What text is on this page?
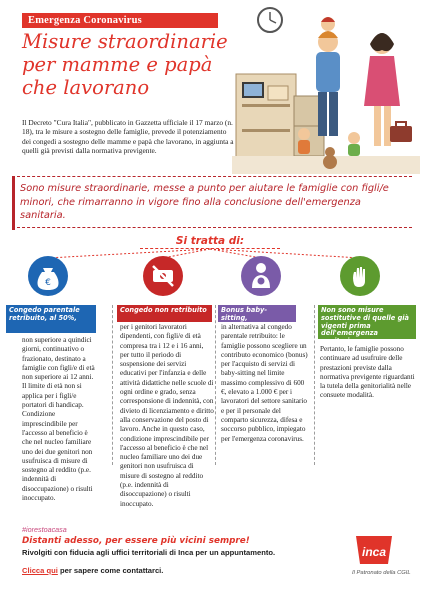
Emergenza Coronavirus
Misure straordinarie
per mamme e papà
che lavorano
Il Decreto "Cura Italia", pubblicato in Gazzetta ufficiale il 17 marzo (n. 18), tra le misure a sostegno delle famiglie, prevede il potenziamento dei congedi a sostegno delle mamme e papà che lavorano, in aggiunta a quelli già previsti dalla normativa previgente.
Sono misure straordinarie, messe a punto per aiutare le famiglie con figli/e minori, che rimarranno in vigore fino alla conclusione dell'emergenza sanitaria.
Si tratta di:
€
Congedo parentale retribuito, al 50%,
Congedo non retribuito	Bonus baby-sitting,
Non sono misure sostitutive di quelle già vigenti prima dell'emergenza sanitaria.
non superiore a quindici giorni, continuativo o frazionato, destinato a famiglie con figli/e di età non superiore ai 12 anni. Il limite di età non si applica per i figli/e portatori di handicap. Condizione imprescindibile per l'accesso al beneficio è che nel nucleo familiare uno dei due genitori non usufruisca di misure di sostegno al reddito (p.e. indennità di disoccupazione) o risulti inoccupato.
per i genitori lavoratori dipendenti, con figli/e di età compresa tra i 12 e i 16 anni, per tutto il periodo di sospensione dei servizi educativi per l'infanzia e delle attività didattiche nelle scuole di ogni ordine e grado, senza corresponsione di indennità, con divieto di licenziamento e diritto alla conservazione del posto di lavoro. Anche in questo caso, condizione imprescindibile per l'accesso al beneficio è che nel nucleo familiare uno dei due genitori non usufruisca di misure di sostegno al reddito (p.e. indennità di disoccupazione) o risulti inoccupato.
in alternativa al congedo parentale retribuito: le famiglie possono scegliere un contributo economico (bonus) per l'acquisto di servizi di baby-sitting nel limite massimo complessivo di 600 €, elevato a 1.000 € per i lavoratori del settore sanitario e per il personale del comparto sicurezza, difesa e soccorso pubblico, impiegato per l'emergenza coronavirus.
Pertanto, le famiglie possono continuare ad usufruire delle prestazioni previste dalla normativa previgente riguardanti la tutela della genitorialità nelle consuete modalità.
#iorestoacasa
Distanti adesso, per essere più vicini sempre!
Rivolgiti con fiducia agli uffici territoriali di Inca per un appuntamento.
Clicca qui per sapere come contattarci.
inca
Il Patronato della CGIL
